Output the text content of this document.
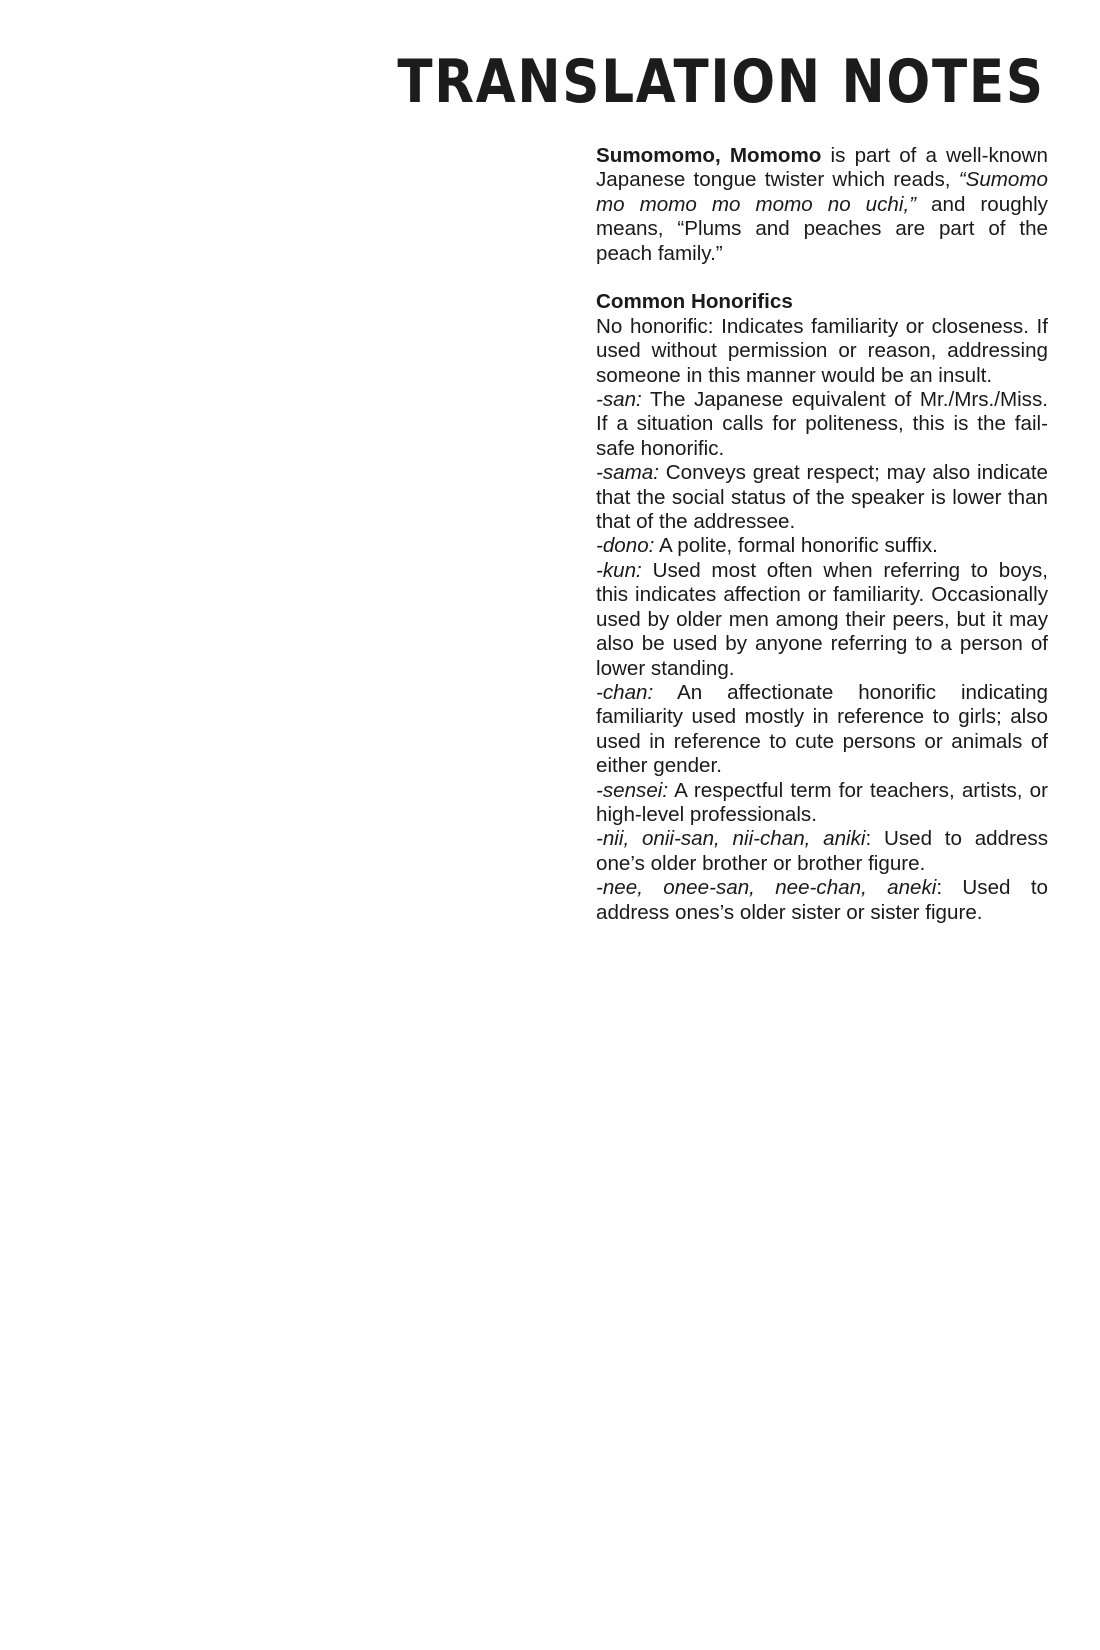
TRANSLATION NOTES

Sumomomo, Momomo is part of a well-known Japanese tongue twister which reads, “Sumomo mo momo mo momo no uchi,” and roughly means, “Plums and peaches are part of the peach family.”

Common Honorifics

No honorific: Indicates familiarity or closeness. If used without permission or reason, addressing someone in this manner would be an insult.

-san: The Japanese equivalent of Mr./Mrs./Miss. If a situation calls for politeness, this is the fail-safe honorific.

-sama: Conveys great respect; may also indicate that the social status of the speaker is lower than that of the addressee.

-dono: A polite, formal honorific suffix.

-kun: Used most often when referring to boys, this indicates affection or familiarity. Occasionally used by older men among their peers, but it may also be used by anyone referring to a person of lower standing.

-chan: An affectionate honorific indicating familiarity used mostly in reference to girls; also used in reference to cute persons or animals of either gender.

-sensei: A respectful term for teachers, artists, or high-level professionals.

-nii, onii-san, nii-chan, aniki: Used to address one’s older brother or brother figure.

-nee, onee-san, nee-chan, aneki: Used to address ones’s older sister or sister figure.
